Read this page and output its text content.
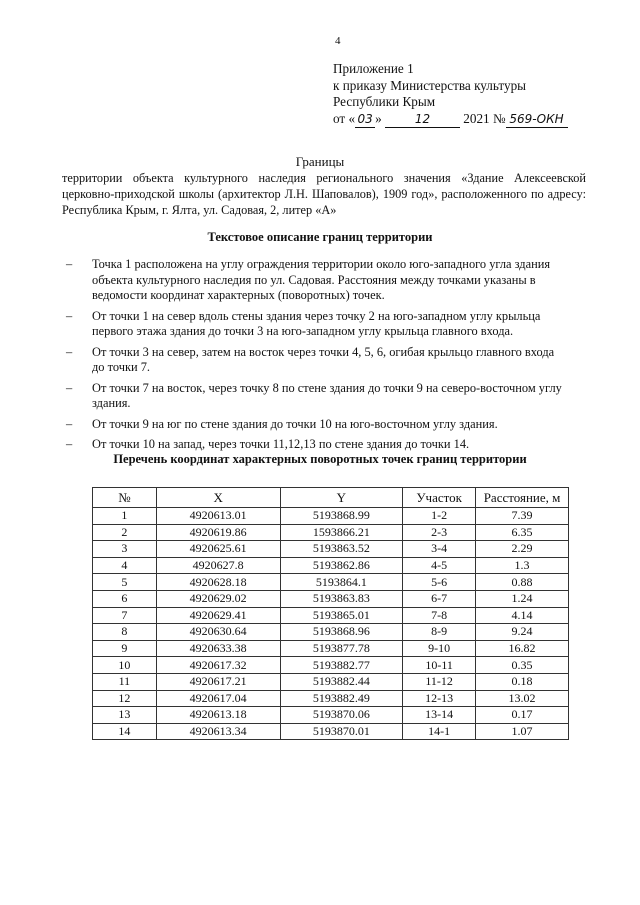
4
Приложение 1
к приказу Министерства культуры
Республики Крым
от « 03 »	12	2021 № 569-ОКН
Границы
территории объекта культурного наследия регионального значения «Здание Алексеевской церковно-приходской школы (архитектор Л.Н. Шаповалов), 1909 год», расположенного по адресу: Республика Крым, г. Ялта, ул. Садовая, 2, литер «А»
Текстовое описание границ территории
– Точка 1 расположена на углу ограждения территории около юго-западного угла здания объекта культурного наследия по ул. Садовая. Расстояния между точками указаны в ведомости координат характерных (поворотных) точек.
– От точки 1 на север вдоль стены здания через точку 2 на юго-западном углу крыльца первого этажа здания до точки 3 на юго-западном углу крыльца главного входа.
– От точки 3 на север, затем на восток через точки 4, 5, 6, огибая крыльцо главного входа до точки 7.
– От точки 7 на восток, через точку 8 по стене здания до точки 9 на северо-восточном углу здания.
– От точки 9 на юг по стене здания до точки 10 на юго-восточном углу здания.
– От точки 10 на запад, через точки 11,12,13 по стене здания до точки 14.
Перечень координат характерных поворотных точек границ территории
№	X	Y	Участок	Расстояние, м
1	4920613.01	5193868.99	1-2	7.39
2	4920619.86	1593866.21	2-3	6.35
3	4920625.61	5193863.52	3-4	2.29
4	4920627.8	5193862.86	4-5	1.3
5	4920628.18	5193864.1	5-6	0.88
6	4920629.02	5193863.83	6-7	1.24
7	4920629.41	5193865.01	7-8	4.14
8	4920630.64	5193868.96	8-9	9.24
9	4920633.38	5193877.78	9-10	16.82
10	4920617.32	5193882.77	10-11	0.35
11	4920617.21	5193882.44	11-12	0.18
12	4920617.04	5193882.49	12-13	13.02
13	4920613.18	5193870.06	13-14	0.17
14	4920613.34	5193870.01	14-1	1.07
